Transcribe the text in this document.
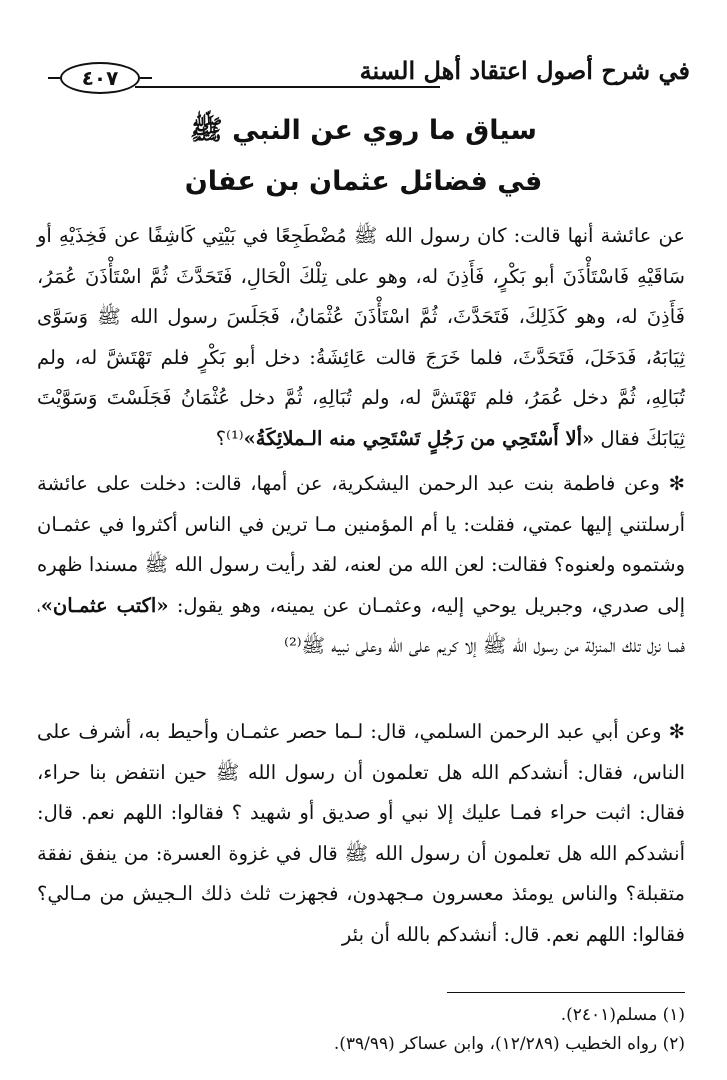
في شرح أصول اعتقاد أهل السنة
٤٠٧
سياق ما روي عن النبي ﷺ
في فضائل عثمان بن عفان
عن عائشة أنها قالت: كان رسول الله ﷺ مُضْطَجِعًا في بَيْتِي كَاشِفًا عن فَخِذَيْهِ أو سَاقَيْهِ فَاسْتَأْذَنَ أبو بَكْرٍ، فَأَذِنَ له، وهو على تِلْكَ الْحَالِ، فَتَحَدَّثَ ثُمَّ اسْتَأْذَنَ عُمَرُ، فَأَذِنَ له، وهو كَذَلِكَ، فَتَحَدَّثَ، ثُمَّ اسْتَأْذَنَ عُثْمَانُ، فَجَلَسَ رسول الله ﷺ وَسَوَّى ثِيَابَهُ، فَدَخَلَ، فَتَحَدَّثَ، فلما خَرَجَ قالت عَائِشَةُ: دخل أبو بَكْرٍ فلم تَهْتَشَّ له، ولم تُبَالِهِ، ثُمَّ دخل عُمَرُ، فلم تَهْتَشَّ له، ولم تُبَالِهِ، ثُمَّ دخل عُثْمَانُ فَجَلَسْتَ وَسَوَّيْتَ ثِيَابَكَ فقال «ألا أَسْتَحِي من رَجُلٍ تَسْتَحِي منه الـملائِكَةُ»⁽¹⁾؟
✻ وعن فاطمة بنت عبد الرحمن اليشكرية، عن أمها، قالت: دخلت على عائشة أرسلتني إليها عمتي، فقلت: يا أم المؤمنين مـا ترين في الناس أكثروا في عثمـان وشتموه ولعنوه؟ فقالت: لعن الله من لعنه، لقد رأيت رسول الله ﷺ مسندا ظهره إلى صدري، وجبريل يوحي إليه، وعثمـان عن يمينه، وهو يقول: «اكتب عثمـان»، فمـا نزل تلك المنزلة من رسول الله ﷺ إلا كريم على الله وعلى نبيه ﷺ⁽²⁾
✻ وعن أبي عبد الرحمن السلمي، قال: لـما حصر عثمـان وأحيط به، أشرف على الناس، فقال: أنشدكم الله هل تعلمون أن رسول الله ﷺ حين انتفض بنا حراء، فقال: اثبت حراء فمـا عليك إلا نبي أو صديق أو شهيد ؟ فقالوا: اللهم نعم. قال: أنشدكم الله هل تعلمون أن رسول الله ﷺ قال في غزوة العسرة: من ينفق نفقة متقبلة؟ والناس يومئذ معسرون مـجهدون، فجهزت ثلث ذلك الـجيش من مـالي؟ فقالوا: اللهم نعم. قال: أنشدكم بالله أن بئر
(١) مسلم(٢٤٠١).
(٢) رواه الخطيب (١٢/٢٨٩)، وابن عساكر (٣٩/٩٩).
